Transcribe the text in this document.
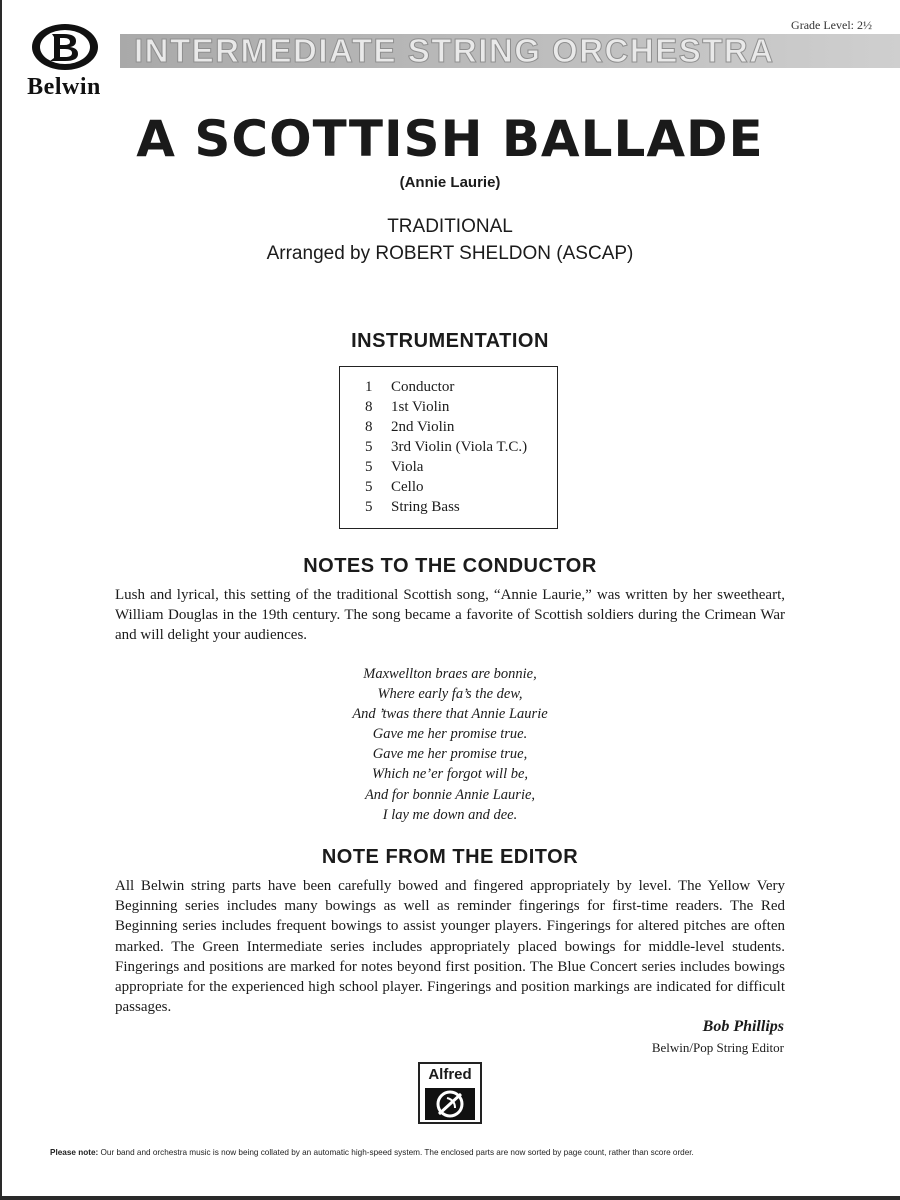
Grade Level: 2½
Belwin
INTERMEDIATE STRING ORCHESTRA
A SCOTTISH BALLADE
(Annie Laurie)
TRADITIONAL
Arranged by ROBERT SHELDON (ASCAP)
INSTRUMENTATION
1 Conductor
8 1st Violin
8 2nd Violin
5 3rd Violin (Viola T.C.)
5 Viola
5 Cello
5 String Bass
NOTES TO THE CONDUCTOR
Lush and lyrical, this setting of the traditional Scottish song, “Annie Laurie,” was written by her sweetheart, William Douglas in the 19th century. The song became a favorite of Scottish soldiers during the Crimean War and will delight your audiences.
Maxwellton braes are bonnie,
Where early fa’s the dew,
And ’twas there that Annie Laurie
Gave me her promise true.
Gave me her promise true,
Which ne’er forgot will be,
And for bonnie Annie Laurie,
I lay me down and dee.
NOTE FROM THE EDITOR
All Belwin string parts have been carefully bowed and fingered appropriately by level. The Yellow Very Beginning series includes many bowings as well as reminder fingerings for first-time readers. The Red Beginning series includes frequent bowings to assist younger players. Fingerings for altered pitches are often marked. The Green Intermediate series includes appropriately placed bowings for middle-level students. Fingerings and positions are marked for notes beyond first position. The Blue Concert series includes bowings appropriate for the experienced high school player. Fingerings and position markings are indicated for difficult passages.
Bob Phillips
Belwin/Pop String Editor
Alfred
Please note: Our band and orchestra music is now being collated by an automatic high-speed system. The enclosed parts are now sorted by page count, rather than score order.
